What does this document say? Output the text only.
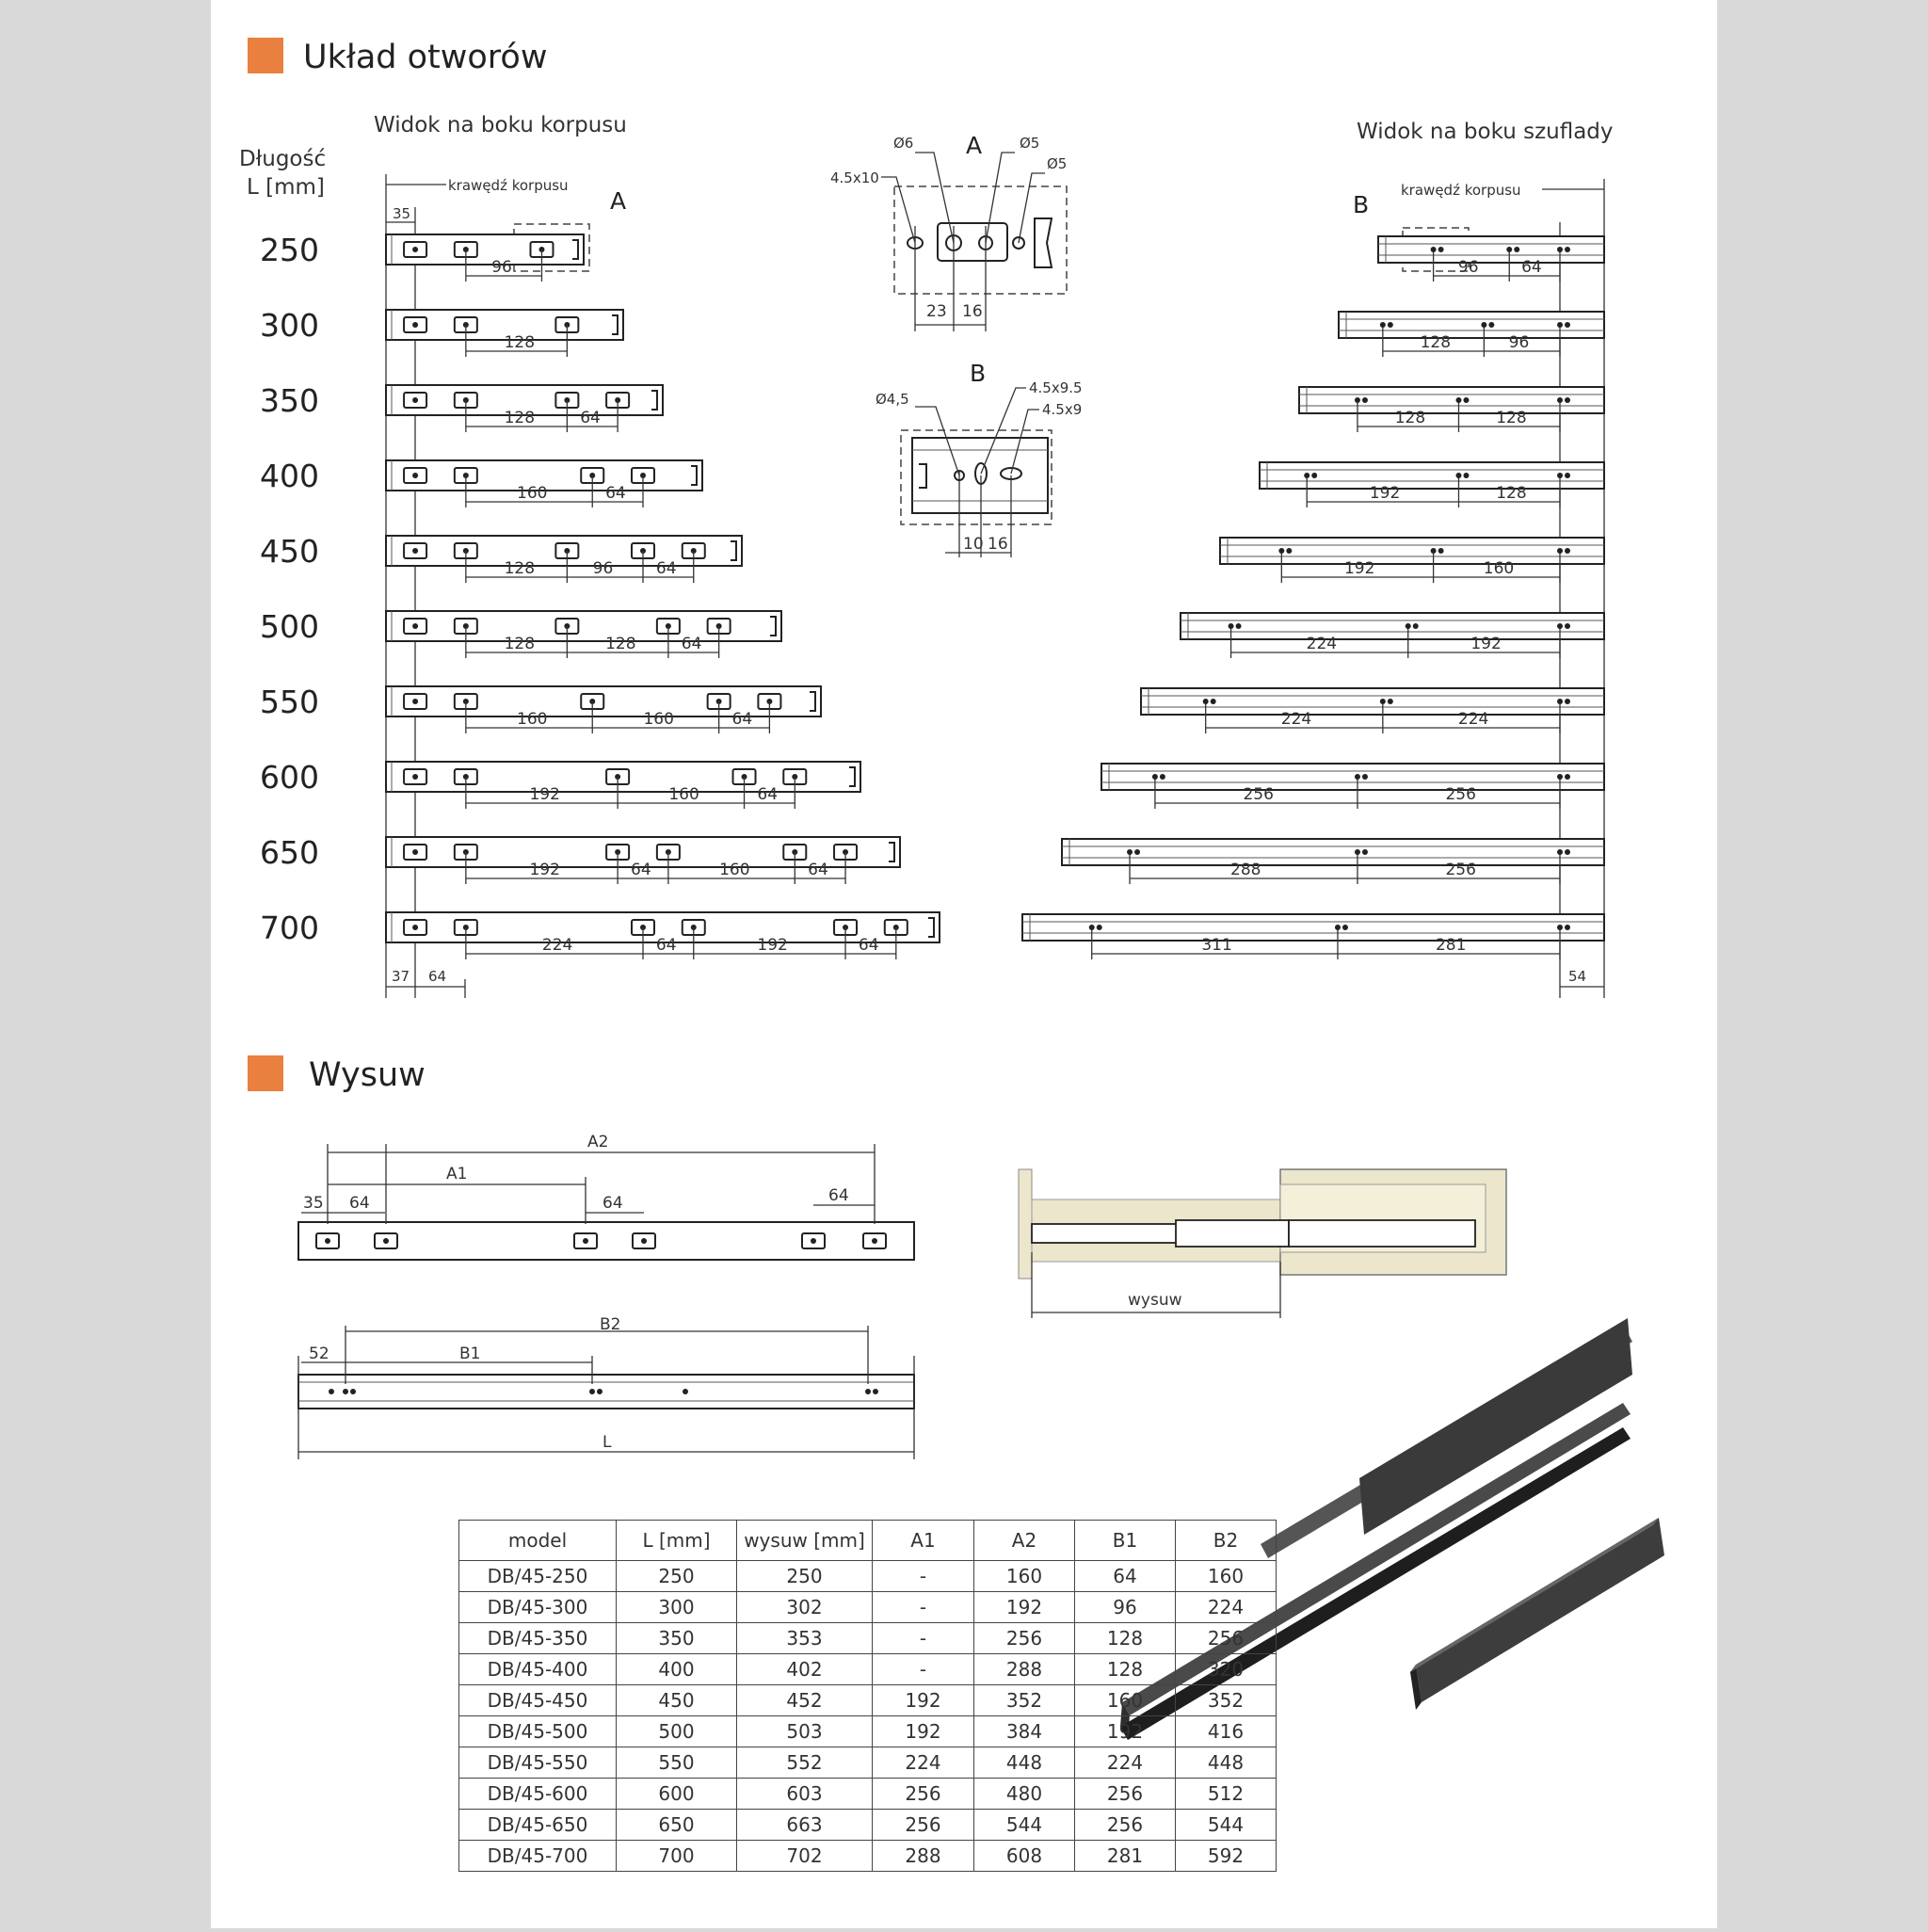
Układ otworów
Widok na boku korpusu	Widok na boku szuflady
Długość
L [mm]	krawędź korpusu
35	A	krawędź korpusu
B
250	96	96	64
300	128	128	96
350	128	64	128	128
400	160	64	192	128
450	128	96	64	192	160
500	128	128	64	224	192
550	160	160	64	224	224
600	192	160	64	256	256
650	192	64	160	64	288	256
700	224	64	192	64	311	281
37 64	54
A
23 16
Ø6	Ø5
Ø5
4.5x10
B
10 16
Ø4,5
4.5x9.5
4.5x9
Wysuw
A2
A1
35 64	64	64
B2
52	B1
L
wysuw
model	L [mm]	wysuw [mm]	A1	A2	B1	B2
DB/45-250	250	250	-	160	64	160
DB/45-300	300	302	-	192	96	224
DB/45-350	350	353	-	256	128	256
DB/45-400	400	402	-	288	128	320
DB/45-450	450	452	192	352	160	352
DB/45-500	500	503	192	384	192	416
DB/45-550	550	552	224	448	224	448
DB/45-600	600	603	256	480	256	512
DB/45-650	650	663	256	544	256	544
DB/45-700	700	702	288	608	281	592
